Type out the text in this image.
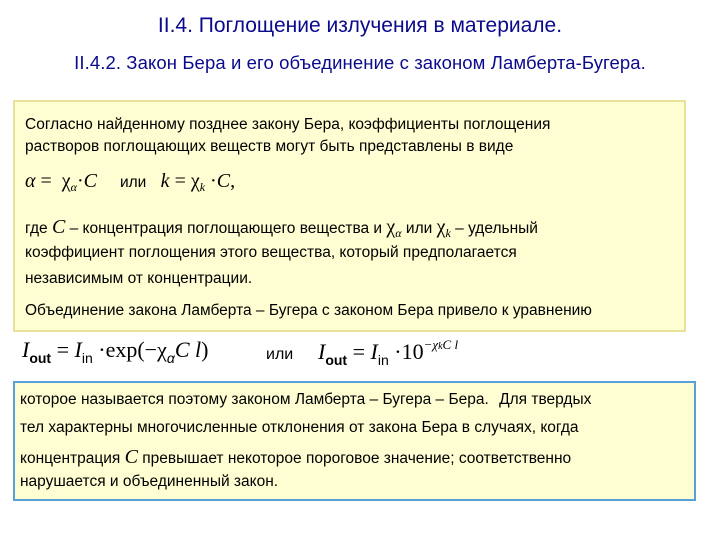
II.4. Поглощение излучения в материале.
II.4.2. Закон Бера и его объединение с законом Ламберта-Бугера.
Согласно найденному позднее закону Бера, коэффициенты поглощения
растворов поглощающих веществ могут быть представлены в виде
$\alpha = \chi_\alpha\cdot C$ или $k = \chi_k \cdot C$,
где C – концентрация поглощающего вещества и $\chi_\alpha$ или $\chi_k$ – удельный
коэффициент поглощения этого вещества, который предполагается
независимым от концентрации.
Объединение закона Ламберта – Бугера с законом Бера привело к уравнению
$I_{out} = I_{in} \cdot\exp(-\chi_\alpha C$ l)	или $I_{out} = I_{in} \cdot 10^{-\chi kC l}$
которое называется поэтому законом Ламберта – Бугера – Бера. Для твердых
тел характерны многочисленные отклонения от закона Бера в случаях, когда
концентрация C превышает некоторое пороговое значение; соответственно
нарушается и объединенный закон.
